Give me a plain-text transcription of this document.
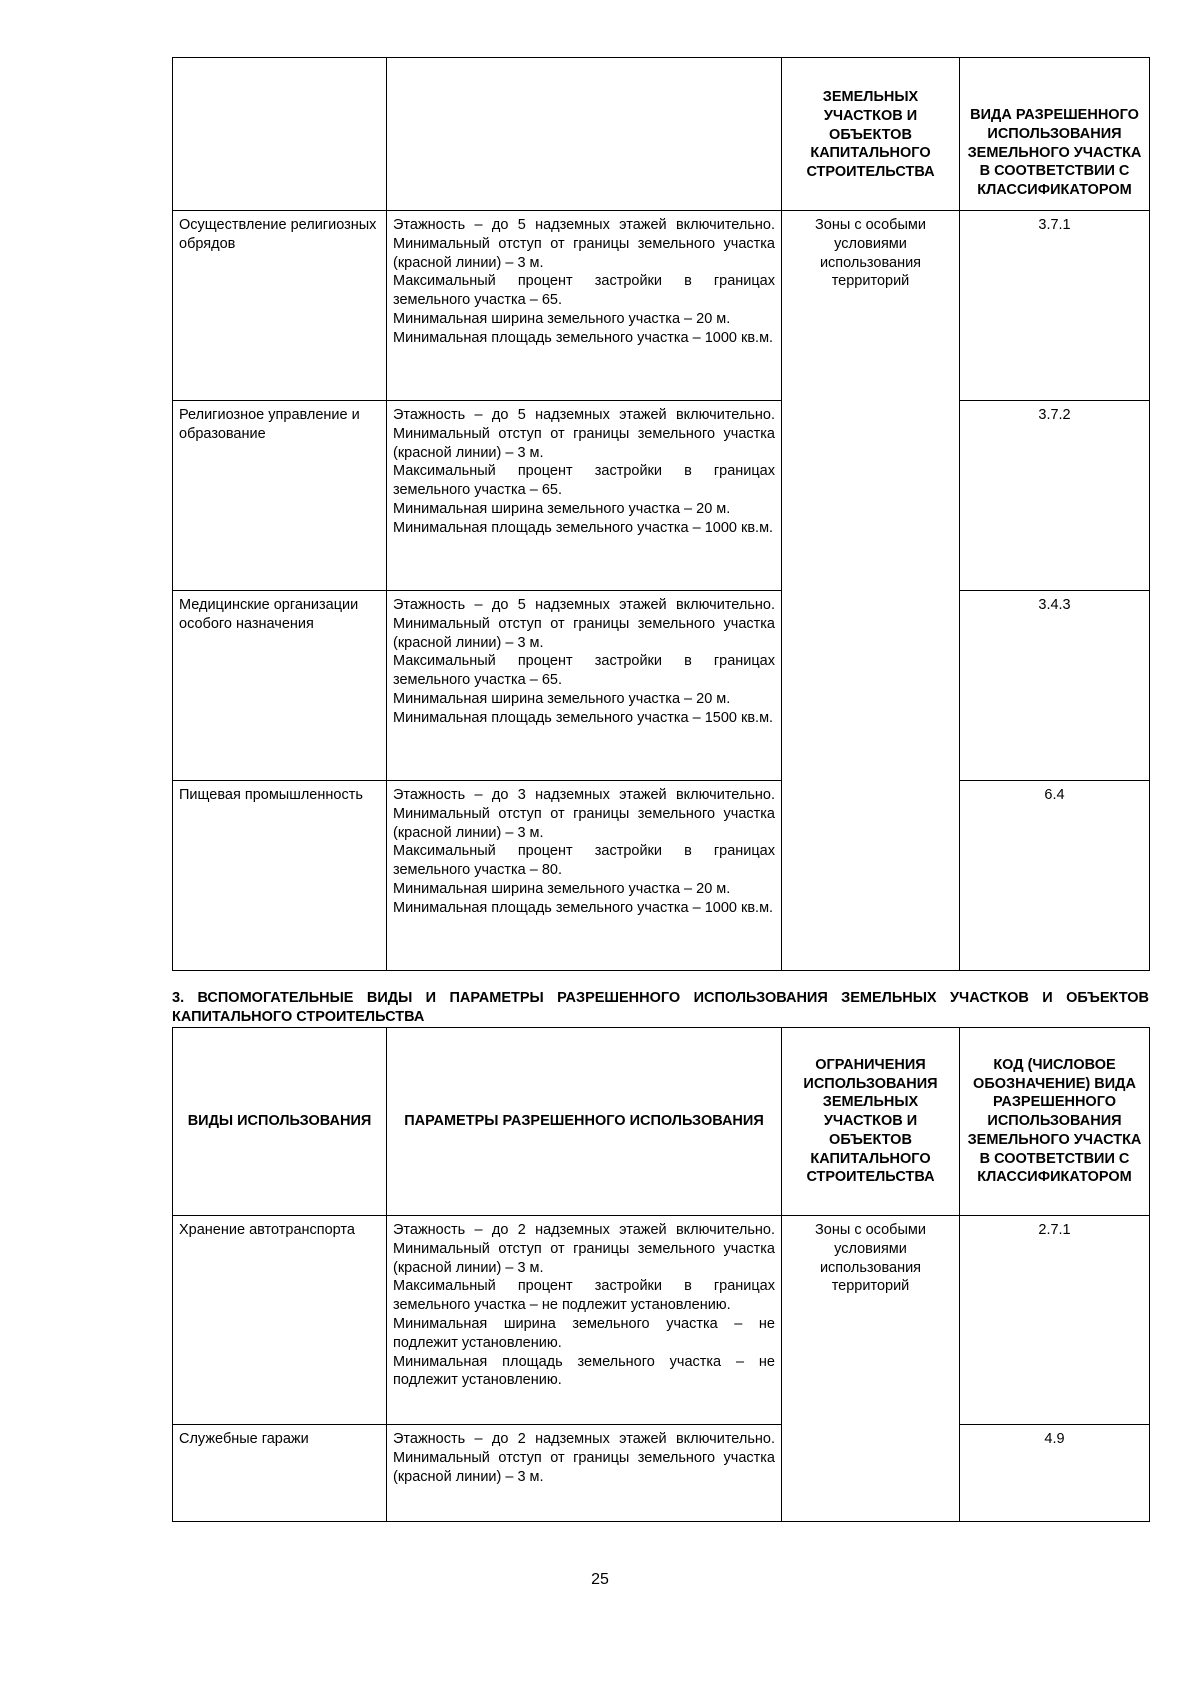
		ЗЕМЕЛЬНЫХ УЧАСТКОВ И ОБЪЕКТОВ КАПИТАЛЬНОГО СТРОИТЕЛЬСТВА	ВИДА РАЗРЕШЕННОГО ИСПОЛЬЗОВАНИЯ ЗЕМЕЛЬНОГО УЧАСТКА В СООТВЕТСТВИИ С КЛАССИФИКАТОРОМ
Осуществление религиозных обрядов	Этажность – до 5 надземных этажей включительно.
Минимальный отступ от границы земельного участка (красной линии) – 3 м.
Максимальный процент застройки в границах земельного участка – 65.
Минимальная ширина земельного участка – 20 м.
Минимальная площадь земельного участка – 1000 кв.м.	Зоны с особыми условиями использования территорий	3.7.1
Религиозное управление и образование	Этажность – до 5 надземных этажей включительно.
Минимальный отступ от границы земельного участка (красной линии) – 3 м.
Максимальный процент застройки в границах земельного участка – 65.
Минимальная ширина земельного участка – 20 м.
Минимальная площадь земельного участка – 1000 кв.м.		3.7.2
Медицинские организации особого назначения	Этажность – до 5 надземных этажей включительно.
Минимальный отступ от границы земельного участка (красной линии) – 3 м.
Максимальный процент застройки в границах земельного участка – 65.
Минимальная ширина земельного участка – 20 м.
Минимальная площадь земельного участка – 1500 кв.м.		3.4.3
Пищевая промышленность	Этажность – до 3 надземных этажей включительно.
Минимальный отступ от границы земельного участка (красной линии) – 3 м.
Максимальный процент застройки в границах земельного участка – 80.
Минимальная ширина земельного участка – 20 м.
Минимальная площадь земельного участка – 1000 кв.м.		6.4
3. ВСПОМОГАТЕЛЬНЫЕ ВИДЫ И ПАРАМЕТРЫ РАЗРЕШЕННОГО ИСПОЛЬЗОВАНИЯ ЗЕМЕЛЬНЫХ УЧАСТКОВ И ОБЪЕКТОВ КАПИТАЛЬНОГО СТРОИТЕЛЬСТВА
ВИДЫ ИСПОЛЬЗОВАНИЯ	ПАРАМЕТРЫ РАЗРЕШЕННОГО ИСПОЛЬЗОВАНИЯ	ОГРАНИЧЕНИЯ ИСПОЛЬЗОВАНИЯ ЗЕМЕЛЬНЫХ УЧАСТКОВ И ОБЪЕКТОВ КАПИТАЛЬНОГО СТРОИТЕЛЬСТВА	КОД (ЧИСЛОВОЕ ОБОЗНАЧЕНИЕ) ВИДА РАЗРЕШЕННОГО ИСПОЛЬЗОВАНИЯ ЗЕМЕЛЬНОГО УЧАСТКА В СООТВЕТСТВИИ С КЛАССИФИКАТОРОМ
Хранение автотранспорта	Этажность – до 2 надземных этажей включительно.
Минимальный отступ от границы земельного участка (красной линии) – 3 м.
Максимальный процент застройки в границах земельного участка – не подлежит установлению.
Минимальная ширина земельного участка – не подлежит установлению.
Минимальная площадь земельного участка – не подлежит установлению.	Зоны с особыми условиями использования территорий	2.7.1
Служебные гаражи	Этажность – до 2 надземных этажей включительно.
Минимальный отступ от границы земельного участка (красной линии) – 3 м.		4.9
25
